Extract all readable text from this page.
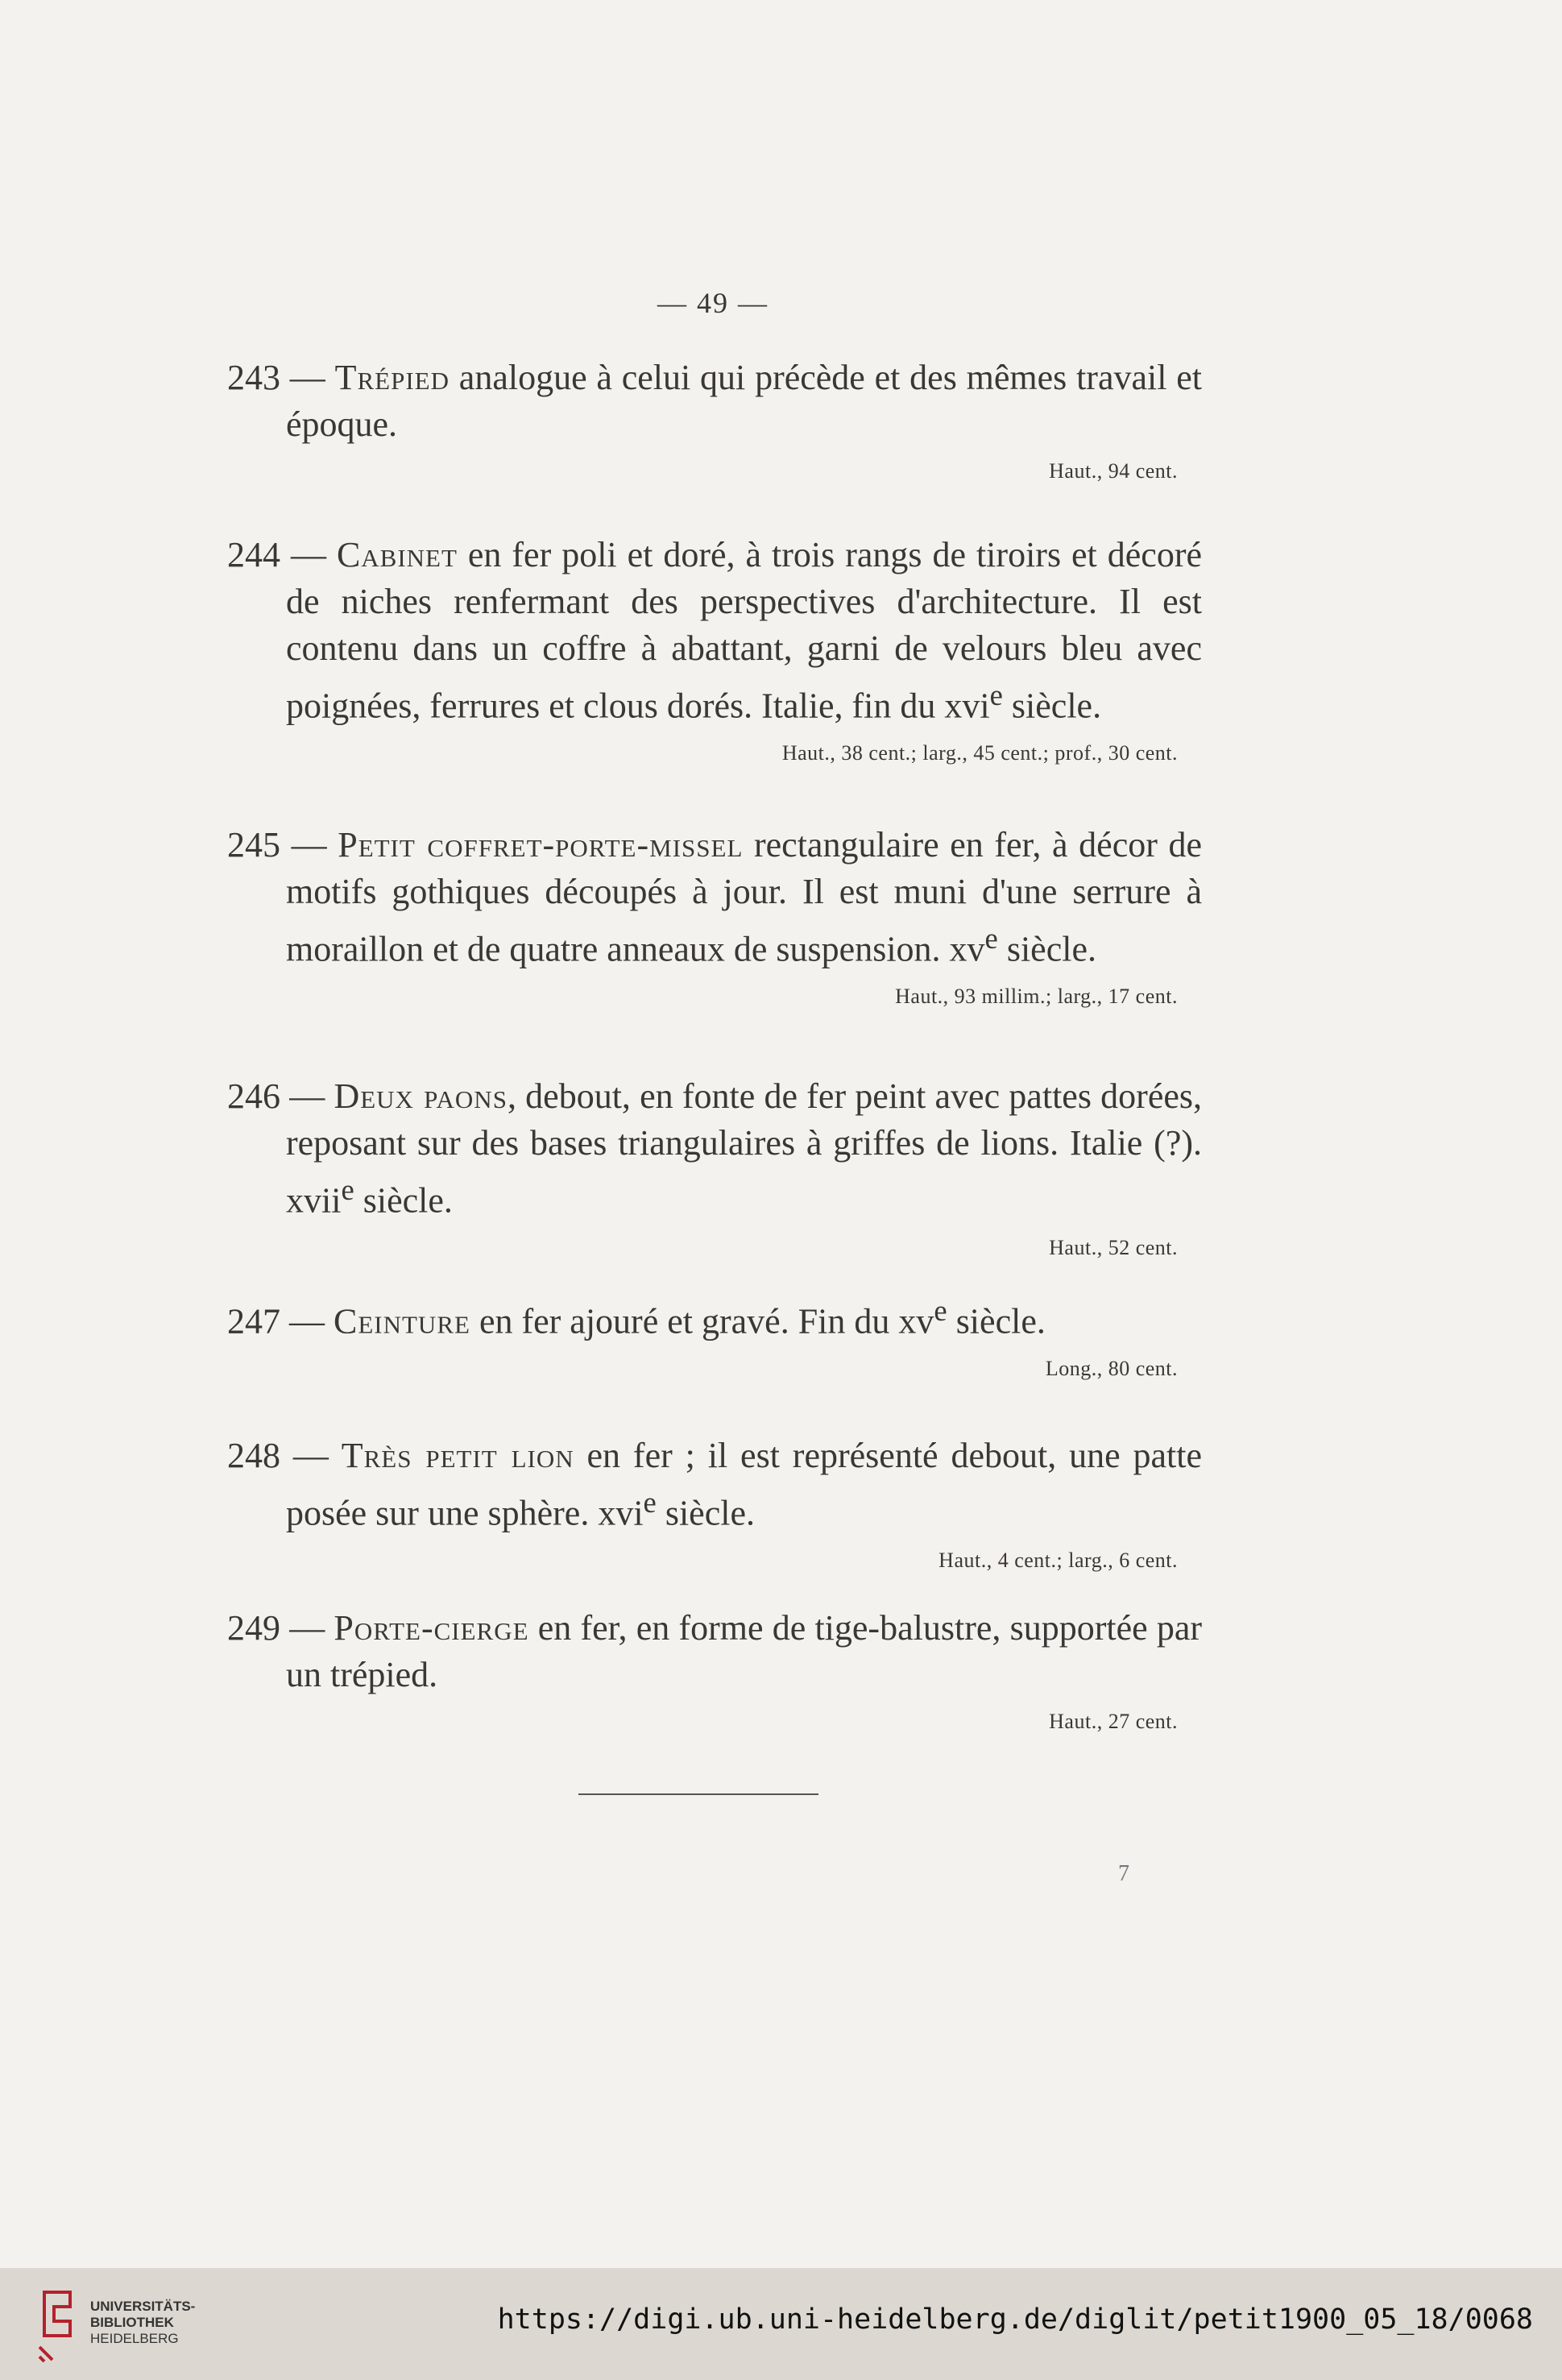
— 49 —

243 — Trépied analogue à celui qui précède et des mêmes travail et époque.

Haut., 94 cent.

244 — Cabinet en fer poli et doré, à trois rangs de tiroirs et décoré de niches renfermant des perspectives d'architecture. Il est contenu dans un coffre à abattant, garni de velours bleu avec poignées, ferrures et clous dorés. Italie, fin du xvi$^e$ siècle.

Haut., 38 cent.; larg., 45 cent.; prof., 30 cent.

245 — Petit coffret-porte-missel rectangulaire en fer, à décor de motifs gothiques découpés à jour. Il est muni d'une serrure à moraillon et de quatre anneaux de suspension. $xv^e$ siècle.

Haut., 93 millim.; larg., 17 cent.

246 — Deux paons, debout, en fonte de fer peint avec pattes dorées, reposant sur des bases triangulaires à griffes de lions. Italie (?). xvii$^e$ siècle.

Haut., 52 cent.

247 — Ceinture en fer ajouré et gravé. Fin du $xv^e$ siècle.

Long., 80 cent.

248 — Très petit lion en fer ; il est représenté debout, une patte posée sur une sphère. xvi$^e$ siècle.

Haut., 4 cent.; larg., 6 cent.

249 — Porte-cierge en fer, en forme de tige-balustre, supportée par un trépied.

Haut., 27 cent.
7
UNIVERSITÄTS-
BIBLIOTHEK
HEIDELBERG
https://digi.ub.uni-heidelberg.de/diglit/petit1900_05_18/0068
